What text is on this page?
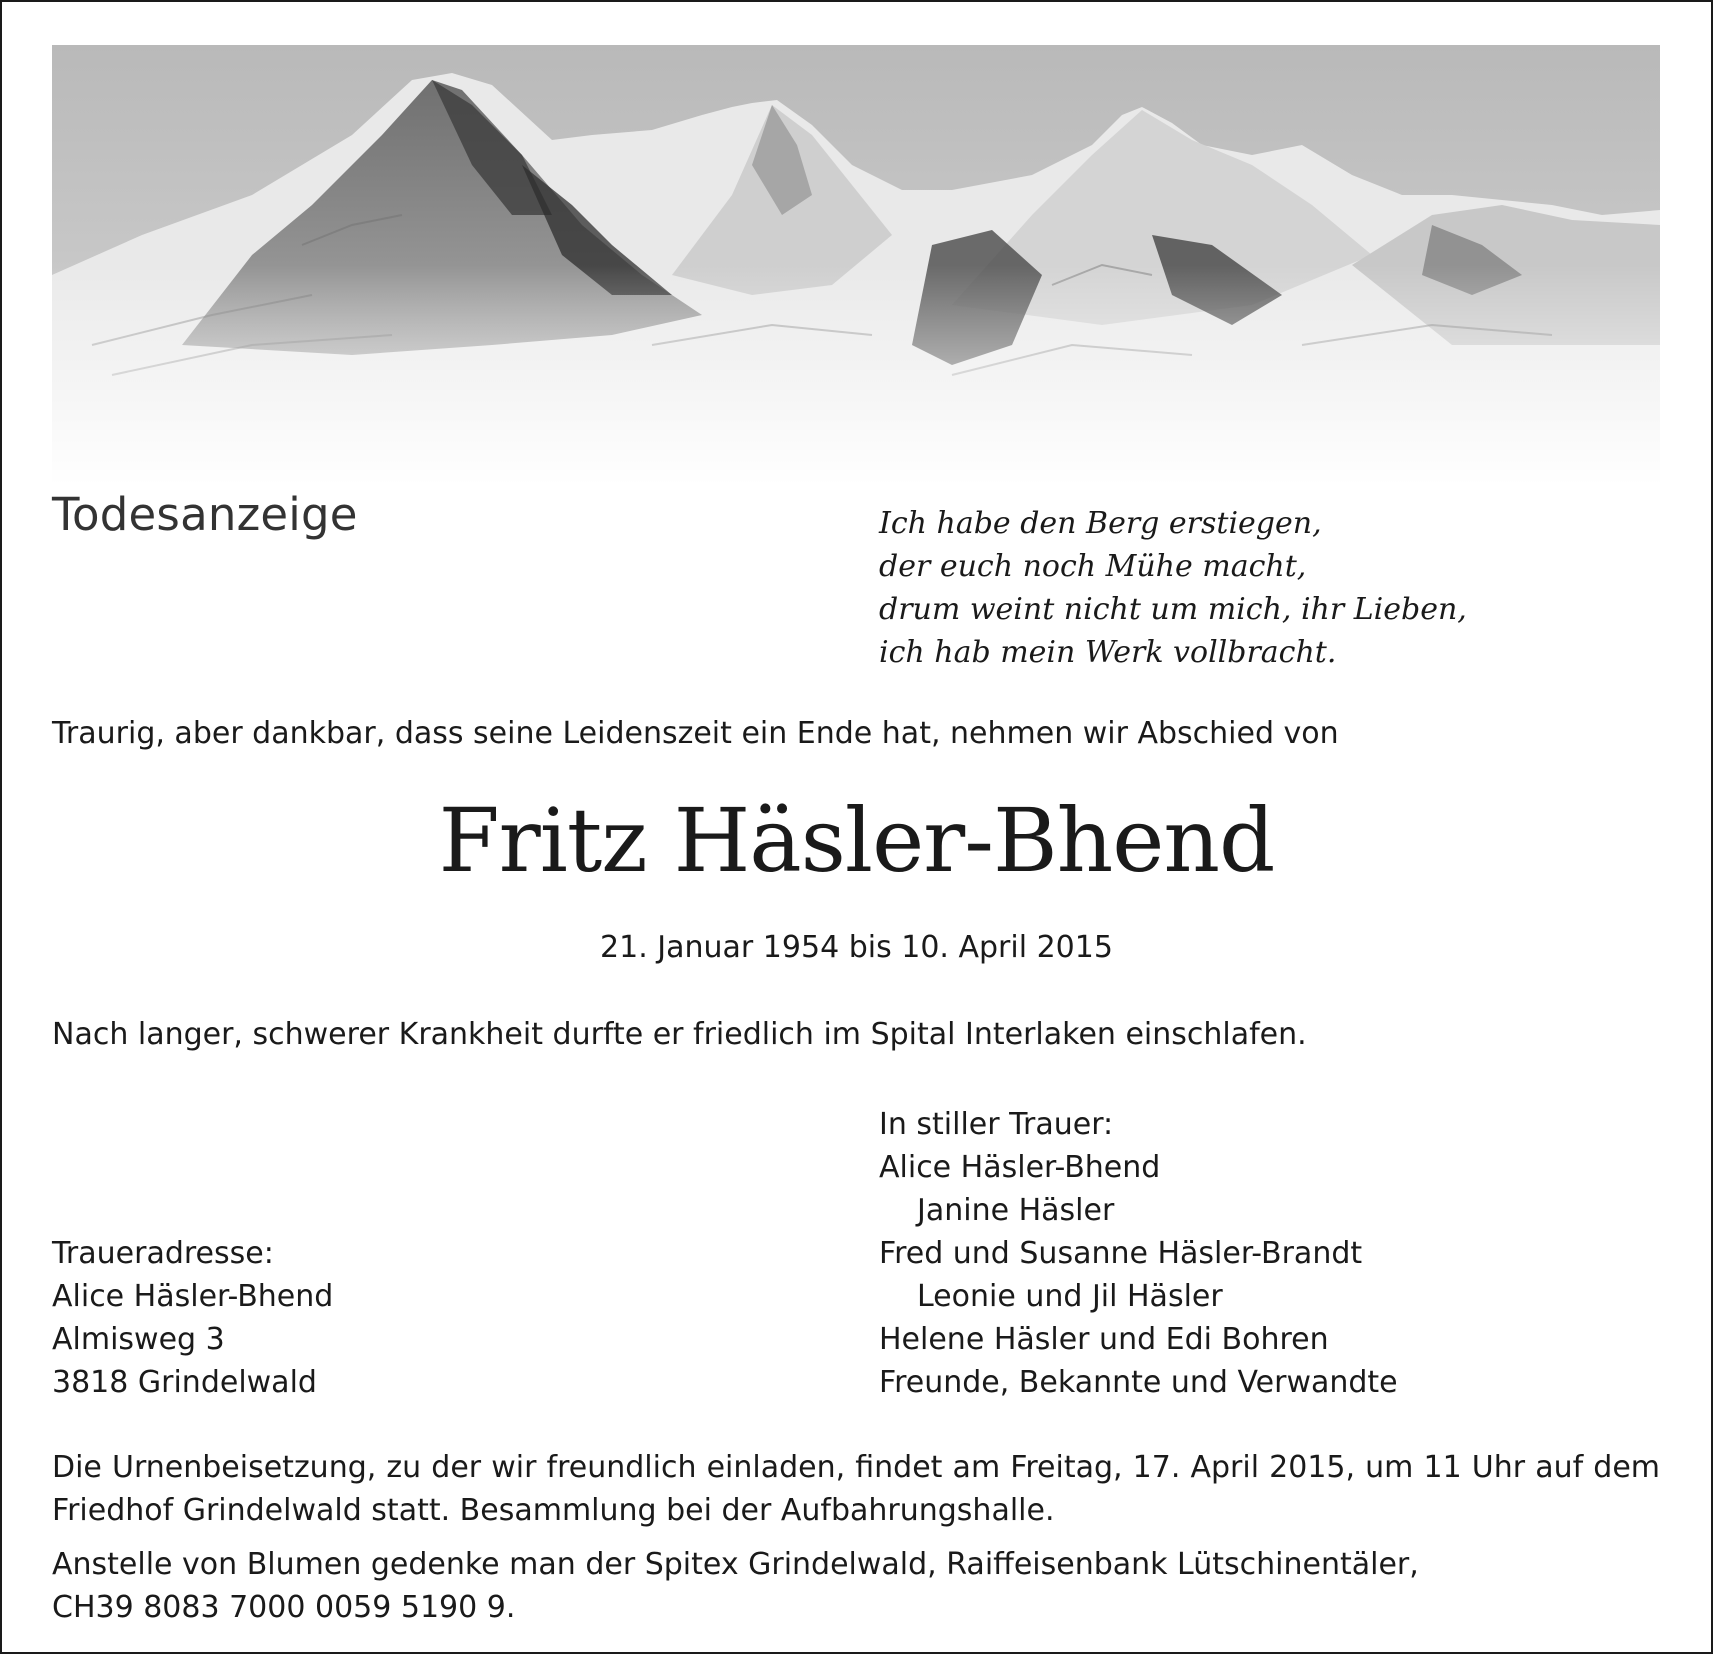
Todesanzeige	Ich habe den Berg erstiegen,
der euch noch Mühe macht,
drum weint nicht um mich, ihr Lieben,
ich hab mein Werk vollbracht.

Traurig, aber dankbar, dass seine Leidenszeit ein Ende hat, nehmen wir Abschied von

Fritz Häsler-Bhend

21. Januar 1954 bis 10. April 2015

Nach langer, schwerer Krankheit durfte er friedlich im Spital Interlaken einschlafen.

In stiller Trauer:
Alice Häsler-Bhend
Janine Häsler
Fred und Susanne Häsler-Brandt
Leonie und Jil Häsler
Helene Häsler und Edi Bohren
Freunde, Bekannte und Verwandte
Traueradresse:
Alice Häsler-Bhend
Almisweg 3
3818 Grindelwald

Die Urnenbeisetzung, zu der wir freundlich einladen, findet am Freitag, 17. April 2015, um 11 Uhr auf dem Friedhof Grindelwald statt. Besammlung bei der Aufbahrungshalle.

Anstelle von Blumen gedenke man der Spitex Grindelwald, Raiffeisenbank Lütschinentäler,
CH39 8083 7000 0059 5190 9.
